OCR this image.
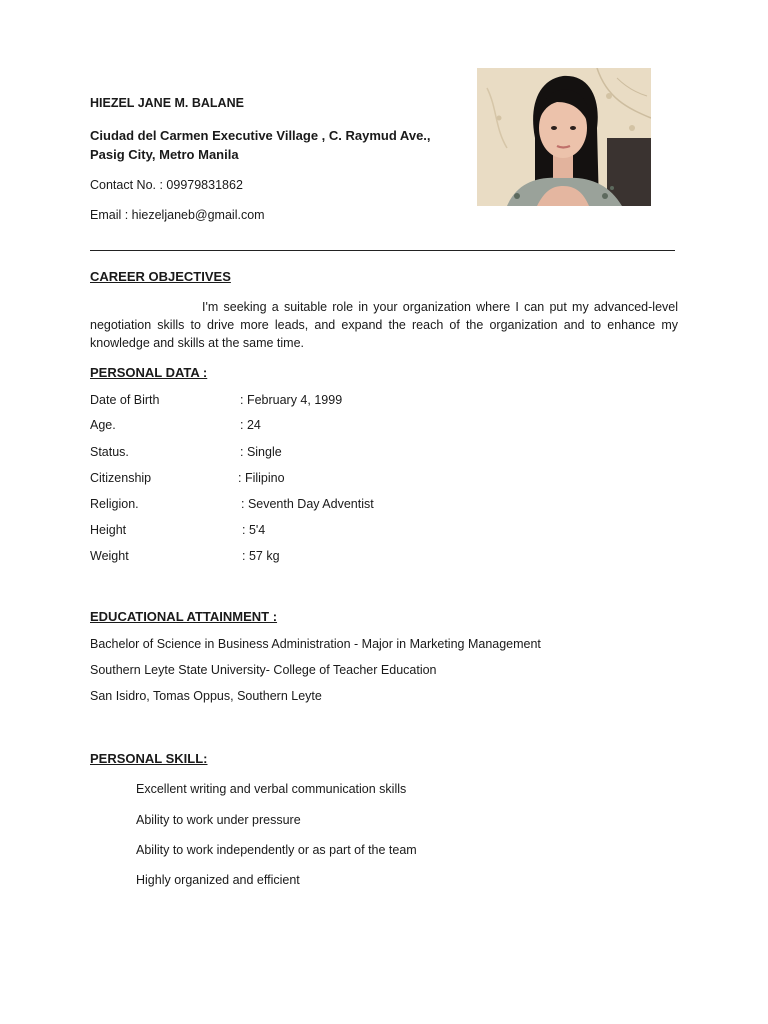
HIEZEL JANE M. BALANE
Ciudad del Carmen Executive Village , C. Raymud Ave.,
Pasig City, Metro Manila
Contact No. : 09979831862
Email : hiezeljaneb@gmail.com
CAREER OBJECTIVES
I'm seeking a suitable role in your organization where I can put my advanced-level negotiation skills to drive more leads, and expand the reach of the organization and to enhance my knowledge and skills at the same time.
PERSONAL DATA :
Date of Birth	: February 4, 1999
Age.	: 24
Status.	: Single
Citizenship	: Filipino
Religion.	: Seventh Day Adventist
Height	: 5'4
Weight	: 57 kg
EDUCATIONAL ATTAINMENT :
Bachelor of Science in Business Administration - Major in Marketing Management
Southern Leyte State University- College of Teacher Education
San Isidro, Tomas Oppus, Southern Leyte
PERSONAL SKILL:
Excellent writing and verbal communication skills
Ability to work under pressure
Ability to work independently or as part of the team
Highly organized and efficient
